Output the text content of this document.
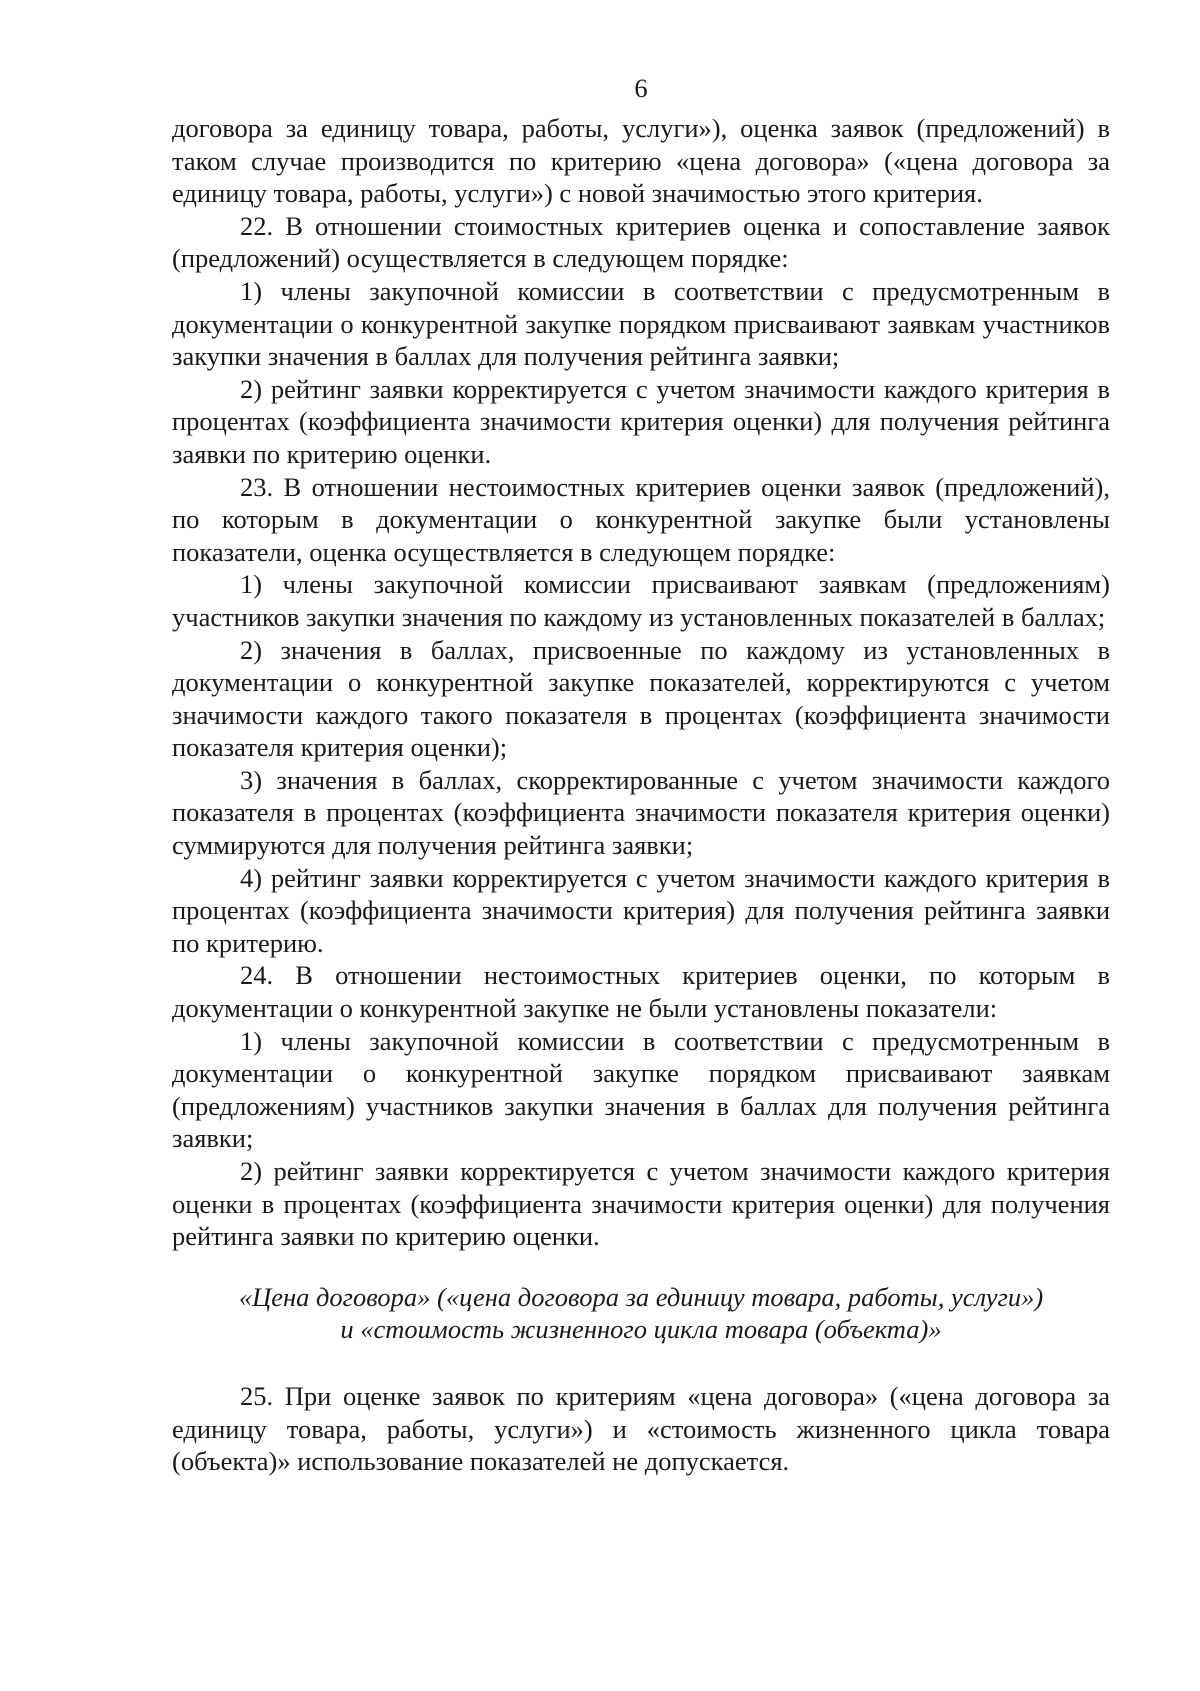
6

договора за единицу товара, работы, услуги»), оценка заявок (предложений) в таком случае производится по критерию «цена договора» («цена договора за единицу товара, работы, услуги») с новой значимостью этого критерия.

22. В отношении стоимостных критериев оценка и сопоставление заявок (предложений) осуществляется в следующем порядке:

1) члены закупочной комиссии в соответствии с предусмотренным в документации о конкурентной закупке порядком присваивают заявкам участников закупки значения в баллах для получения рейтинга заявки;

2) рейтинг заявки корректируется с учетом значимости каждого критерия в процентах (коэффициента значимости критерия оценки) для получения рейтинга заявки по критерию оценки.

23. В отношении нестоимостных критериев оценки заявок (предложений), по которым в документации о конкурентной закупке были установлены показатели, оценка осуществляется в следующем порядке:

1) члены закупочной комиссии присваивают заявкам (предложениям) участников закупки значения по каждому из установленных показателей в баллах;

2) значения в баллах, присвоенные по каждому из установленных в документации о конкурентной закупке показателей, корректируются с учетом значимости каждого такого показателя в процентах (коэффициента значимости показателя критерия оценки);

3) значения в баллах, скорректированные с учетом значимости каждого показателя в процентах (коэффициента значимости показателя критерия оценки) суммируются для получения рейтинга заявки;

4) рейтинг заявки корректируется с учетом значимости каждого критерия в процентах (коэффициента значимости критерия) для получения рейтинга заявки по критерию.

24. В отношении нестоимостных критериев оценки, по которым в документации о конкурентной закупке не были установлены показатели:

1) члены закупочной комиссии в соответствии с предусмотренным в документации о конкурентной закупке порядком присваивают заявкам (предложениям) участников закупки значения в баллах для получения рейтинга заявки;

2) рейтинг заявки корректируется с учетом значимости каждого критерия оценки в процентах (коэффициента значимости критерия оценки) для получения рейтинга заявки по критерию оценки.

«Цена договора» («цена договора за единицу товара, работы, услуги»)
и «стоимость жизненного цикла товара (объекта)»

25. При оценке заявок по критериям «цена договора» («цена договора за единицу товара, работы, услуги») и «стоимость жизненного цикла товара (объекта)» использование показателей не допускается.
